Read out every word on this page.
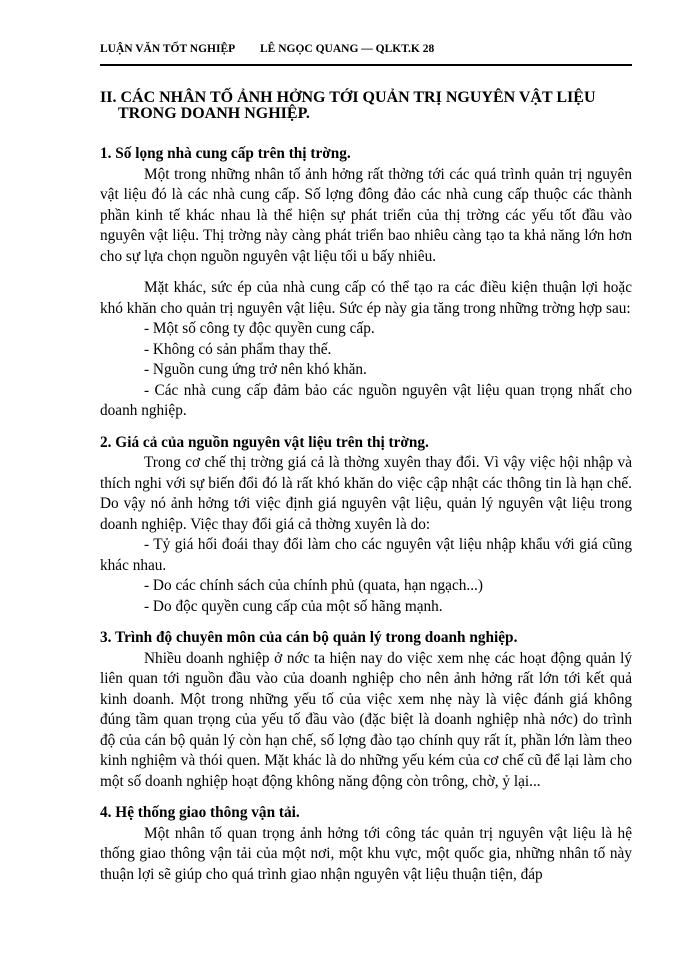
LUẬN VĂN TỐT NGHIỆP LÊ NGỌC QUANG — QLKT.K 28
II. CÁC NHÂN TỐ ẢNH HỞNG TỚI QUẢN TRỊ NGUYÊN VẬT LIỆU
TRONG DOANH NGHIỆP.

1. Số lọng nhà cung cấp trên thị trờng.

Một trong những nhân tố ảnh hởng rất thờng tới các quá trình quản trị nguyên vật liệu đó là các nhà cung cấp. Số lợng đông đảo các nhà cung cấp thuộc các thành phần kinh tế khác nhau là thể hiện sự phát triển của thị trờng các yếu tốt đầu vào nguyên vật liệu. Thị trờng này càng phát triển bao nhiêu càng tạo ta khả năng lớn hơn cho sự lựa chọn nguồn nguyên vật liệu tối u bấy nhiêu.

Mặt khác, sức ép của nhà cung cấp có thể tạo ra các điều kiện thuận lợi hoặc khó khăn cho quản trị nguyên vật liệu. Sức ép này gia tăng trong những trờng hợp sau:

- Một số công ty độc quyền cung cấp.

- Không có sản phẩm thay thế.

- Nguồn cung ứng trở nên khó khăn.

- Các nhà cung cấp đảm bảo các nguồn nguyên vật liệu quan trọng nhất cho doanh nghiệp.

2. Giá cả của nguồn nguyên vật liệu trên thị trờng.

Trong cơ chế thị trờng giá cả là thờng xuyên thay đổi. Vì vậy việc hội nhập và thích nghi với sự biến đổi đó là rất khó khăn do việc cập nhật các thông tin là hạn chế. Do vậy nó ảnh hởng tới việc định giá nguyên vật liệu, quản lý nguyên vật liệu trong doanh nghiệp. Việc thay đổi giá cả thờng xuyên là do:

- Tỷ giá hối đoái thay đổi làm cho các nguyên vật liệu nhập khẩu với giá cũng khác nhau.

- Do các chính sách của chính phủ (quata, hạn ngạch...)

- Do độc quyền cung cấp của một số hãng mạnh.

3. Trình độ chuyên môn của cán bộ quản lý trong doanh nghiệp.

Nhiều doanh nghiệp ở nớc ta hiện nay do việc xem nhẹ các hoạt động quản lý liên quan tới nguồn đầu vào của doanh nghiệp cho nên ảnh hởng rất lớn tới kết quả kinh doanh. Một trong những yếu tố của việc xem nhẹ này là việc đánh giá không đúng tầm quan trọng của yếu tố đầu vào (đặc biệt là doanh nghiệp nhà nớc) do trình độ của cán bộ quản lý còn hạn chế, số lợng đào tạo chính quy rất ít, phần lớn làm theo kinh nghiệm và thói quen. Mặt khác là do những yếu kém của cơ chế cũ để lại làm cho một số doanh nghiệp hoạt động không năng động còn trông, chờ, ỷ lại...

4. Hệ thống giao thông vận tải.

Một nhân tố quan trọng ảnh hởng tới công tác quản trị nguyên vật liệu là hệ thống giao thông vận tải của một nơi, một khu vực, một quốc gia, những nhân tố này thuận lợi sẽ giúp cho quá trình giao nhận nguyên vật liệu thuận tiện, đáp
